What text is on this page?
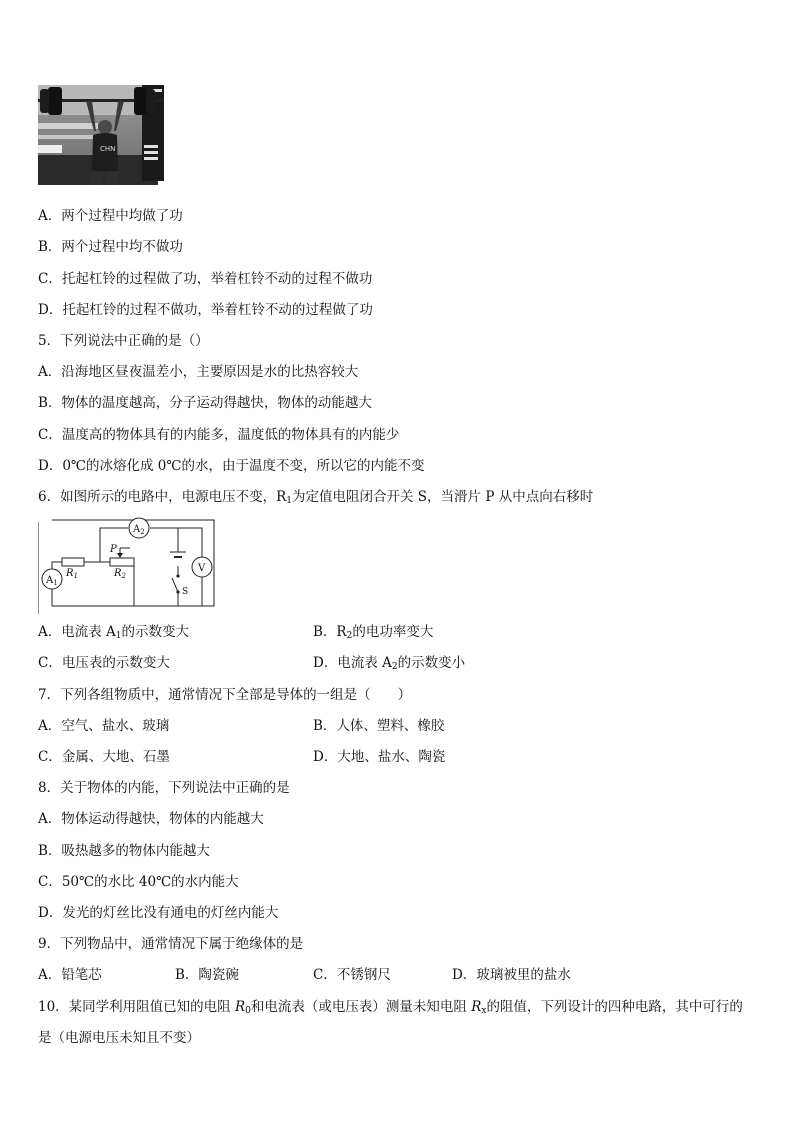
CHN
A．两个过程中均做了功
B．两个过程中均不做功
C．托起杠铃的过程做了功，举着杠铃不动的过程不做功
D．托起杠铃的过程不做功，举着杠铃不动的过程做了功
5．下列说法中正确的是（）
A．沿海地区昼夜温差小，主要原因是水的比热容较大
B．物体的温度越高，分子运动得越快，物体的动能越大
C．温度高的物体具有的内能多，温度低的物体具有的内能少
D．0℃的冰熔化成 0℃的水，由于温度不变，所以它的内能不变
6．如图所示的电路中，电源电压不变，$R_1$为定值电阻闭合开关 S，当滑片 P 从中点向右移时
$A_2$
$A_1$
V
P
$R_1$	$R_2$
S
A．电流表 $A_1$的示数变大	B．$R_2$的电功率变大
C．电压表的示数变大	D．电流表 $A_2$的示数变小
7．下列各组物质中，通常情况下全部是导体的一组是（　　）
A．空气、盐水、玻璃	B．人体、塑料、橡胶
C．金属、大地、石墨	D．大地、盐水、陶瓷
8．关于物体的内能，下列说法中正确的是
A．物体运动得越快，物体的内能越大
B．吸热越多的物体内能越大
C．50℃的水比 40℃的水内能大
D．发光的灯丝比没有通电的灯丝内能大
9．下列物品中，通常情况下属于绝缘体的是
A．铅笔芯	B．陶瓷碗	C．不锈钢尺	D．玻璃被里的盐水
10．某同学利用阻值已知的电阻 $R_0$和电流表（或电压表）测量未知电阻 $R_x$的阻值，下列设计的四种电路，其中可行的
是（电源电压未知且不变）
